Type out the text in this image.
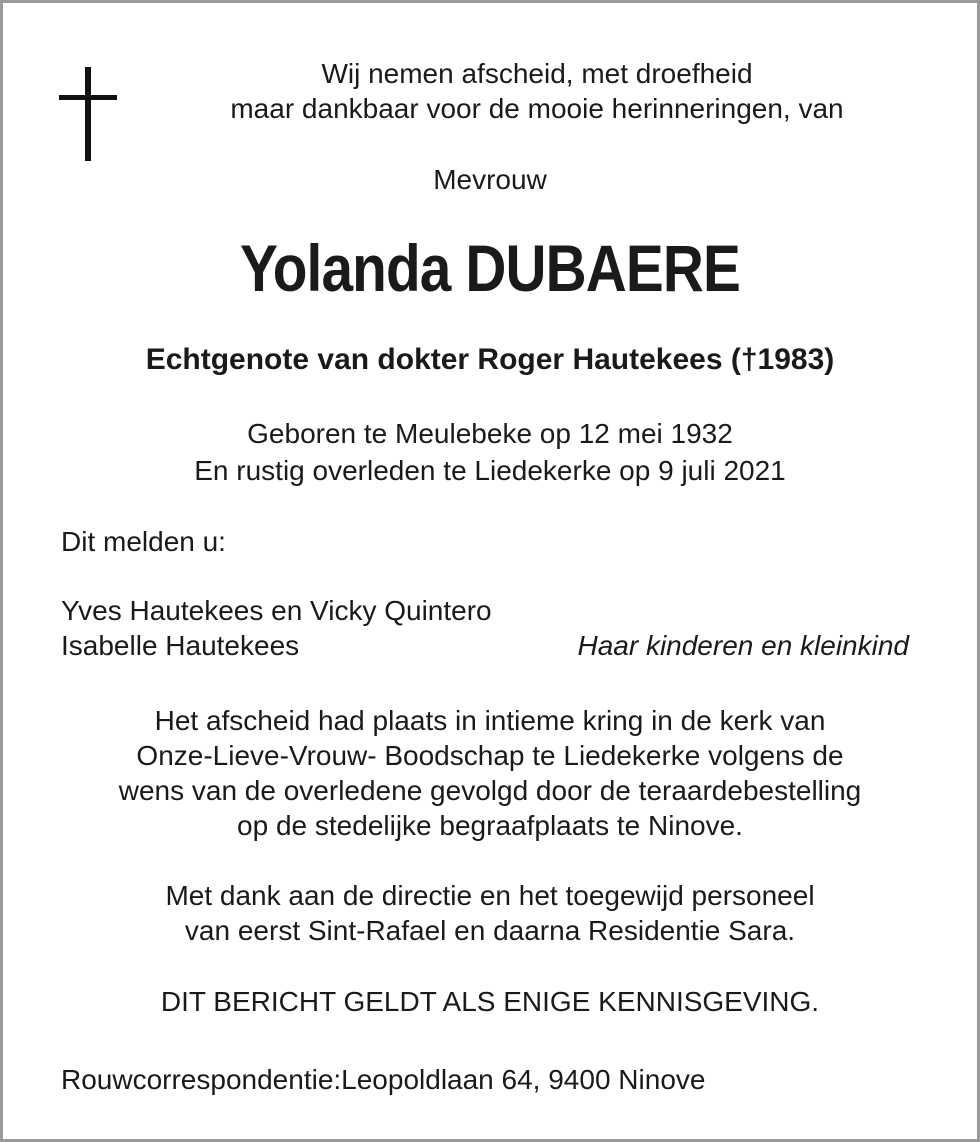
Wij nemen afscheid, met droefheid
maar dankbaar voor de mooie herinneringen, van
Mevrouw
Yolanda DUBAERE
Echtgenote van dokter Roger Hautekees (†1983)
Geboren te Meulebeke op 12 mei 1932
En rustig overleden te Liedekerke op 9 juli 2021
Dit melden u:
Yves Hautekees en Vicky Quintero
Isabelle Hautekees	Haar kinderen en kleinkind
Het afscheid had plaats in intieme kring in de kerk van
Onze-Lieve-Vrouw- Boodschap te Liedekerke volgens de
wens van de overledene gevolgd door de teraardebestelling
op de stedelijke begraafplaats te Ninove.
Met dank aan de directie en het toegewijd personeel
van eerst Sint-Rafael en daarna Residentie Sara.
DIT BERICHT GELDT ALS ENIGE KENNISGEVING.
Rouwcorrespondentie:Leopoldlaan 64, 9400 Ninove
